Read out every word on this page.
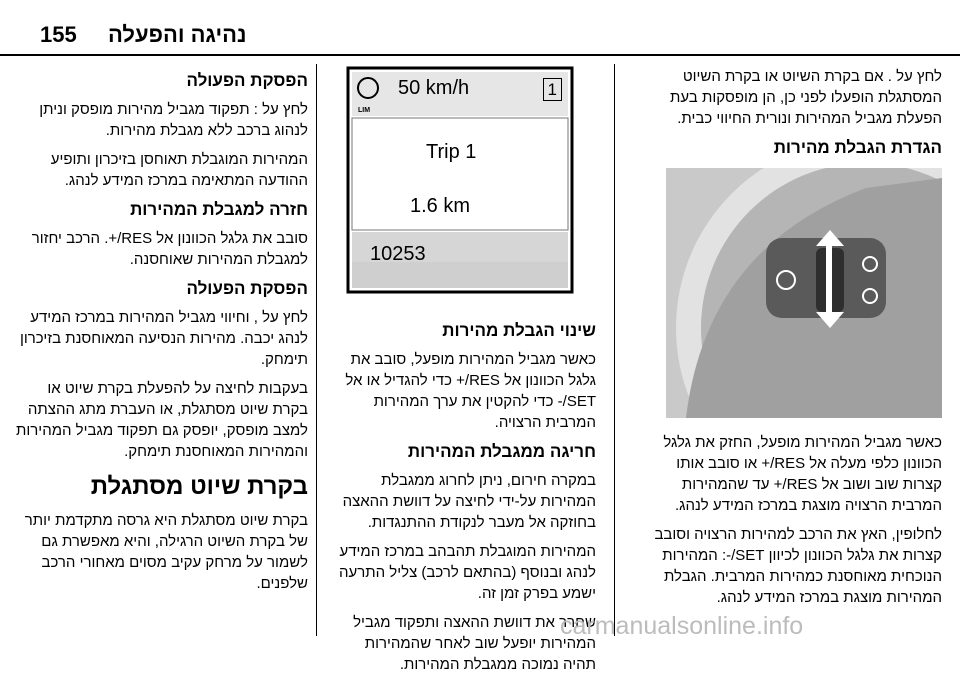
155 נהיגה והפעלה

לחץ על . אם בקרת השיוט או בקרת השיוט המסתגלת הופעלו לפני כן, הן מופסקות בעת הפעלת מגביל המהירות ונורית החיווי כבית.

הגדרת הגבלת מהירות

כאשר מגביל המהירות מופעל, החזק את גלגל הכוונון כלפי מעלה אל RES/+ או סובב אותו קצרות שוב ושוב אל RES/+ עד שהמהירות המרבית הרצויה מוצגת במרכז המידע לנהג.

לחלופין, האץ את הרכב למהירות הרצויה וסובב קצרות את גלגל הכוונון לכיוון SET/-: המהירות הנוכחית מאוחסנת כמהירות המרבית. הגבלת המהירות מוצגת במרכז המידע לנהג.

LIM
50 km/h	1
Trip 1
1.6 km
10253
שינוי הגבלת מהירות

כאשר מגביל המהירות מופעל, סובב את גלגל הכוונון אל RES/+ כדי להגדיל או אל SET/- כדי להקטין את ערך המהירות המרבית הרצויה.

חריגה ממגבלת המהירות

במקרה חירום, ניתן לחרוג ממגבלת המהירות על-ידי לחיצה על דוושת ההאצה בחוזקה אל מעבר לנקודת ההתנגדות.

המהירות המוגבלת תהבהב במרכז המידע לנהג ובנוסף (בהתאם לרכב) צליל התרעה ישמע בפרק זמן זה.

שחרר את דוושת ההאצה ותפקוד מגביל המהירות יופעל שוב לאחר שהמהירות תהיה נמוכה ממגבלת המהירות.

הפסקת הפעולה

לחץ על : תפקוד מגביל מהירות מופסק וניתן לנהוג ברכב ללא מגבלת מהירות.

המהירות המוגבלת תאוחסן בזיכרון ותופיע ההודעה המתאימה במרכז המידע לנהג.

חזרה למגבלת המהירות

סובב את גלגל הכוונון אל RES/+. הרכב יחזור למגבלת המהירות שאוחסנה.

הפסקת הפעולה

לחץ על , וחיווי מגביל המהירות במרכז המידע לנהג יכבה. מהירות הנסיעה המאוחסנת בזיכרון תימחק.

בעקבות לחיצה על להפעלת בקרת שיוט או בקרת שיוט מסתגלת, או העברת מתג ההצתה למצב מופסק, יופסק גם תפקוד מגביל המהירות והמהירות המאוחסנת תימחק.

בקרת שיוט מסתגלת

בקרת שיוט מסתגלת היא גרסה מתקדמת יותר של בקרת השיוט הרגילה, והיא מאפשרת גם לשמור על מרחק עקיב מסוים מאחורי הרכב שלפנים.

carmanualsonline.info
